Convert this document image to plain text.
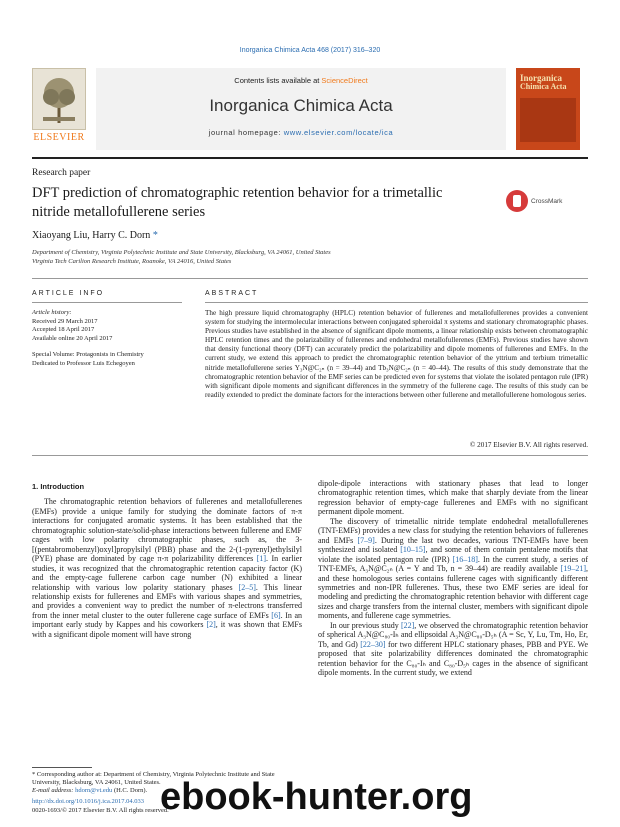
Inorganica Chimica Acta 468 (2017) 316–320
ELSEVIER
Contents lists available at ScienceDirect
Inorganica Chimica Acta
journal homepage: www.elsevier.com/locate/ica
Inorganica
Chimica Acta
Research paper
DFT prediction of chromatographic retention behavior for a trimetallic nitride metallofullerene series
CrossMark
Xiaoyang Liu, Harry C. Dorn *
Department of Chemistry, Virginia Polytechnic Institute and State University, Blacksburg, VA 24061, United States
Virginia Tech Carilion Research Institute, Roanoke, VA 24016, United States
ARTICLE INFO	ABSTRACT
Article history:
Received 29 March 2017
Accepted 18 April 2017
Available online 20 April 2017
Special Volume: Protagonists in Chemistry
Dedicated to Professor Luis Echegoyen
The high pressure liquid chromatography (HPLC) retention behavior of fullerenes and metallofullerenes provides a convenient system for studying the intermolecular interactions between conjugated spheroidal π systems and stationary chromatographic phases. Previous studies have established in the absence of significant dipole moments, a linear relationship exists between chromatographic HPLC retention times and the polarizability of fullerenes and endohedral metallofullerenes (EMFs). Previous studies have shown that density functional theory (DFT) can accurately predict the polarizability and dipole moments of fullerenes and EMFs. In the current study, we extend this approach to predict the chromatographic retention behavior of the yttrium and terbium trimetallic nitride metallofullerene series Y₃N@C₂ₙ (n = 39–44) and Tb₃N@C₂ₙ (n = 40–44). The results of this study demonstrate that the chromatographic retention behavior of the EMF series can be predicted even for systems that violate the isolated pentagon rule (IPR) with significant dipole moments and significant differences in the symmetry of the fullerene cage. The results of this study can be readily extended to predict the dominate factors for the interactions between other fullerene and metallofullerene homologous series.
© 2017 Elsevier B.V. All rights reserved.
1. Introduction

The chromatographic retention behaviors of fullerenes and metallofullerenes (EMFs) provide a unique family for studying the dominate factors of π-π interactions for conjugated aromatic systems. It has been established that the chromatographic solution-state/solid-phase interactions between fullerene and EMF cages with low polarity chromatographic phases, such as, the 3-[(pentabromobenzyl)oxyl]propylsilyl (PBB) phase and the 2-(1-pyrenyl)ethylsilyl (PYE) phase are dominated by cage π-π polarizability differences [1]. In earlier studies, it was recognized that the chromatographic retention capacity factor (K) and the empty-cage fullerene carbon cage number (N) exhibited a linear relationship with various low polarity stationary phases [2–5]. This linear relationship exists for fullerenes and EMFs with various shapes and symmetries, and provides a convenient way to predict the number of π-electrons transferred from the inner metal cluster to the outer fullerene cage surface of EMFs [6]. In an important early study by Kappes and his coworkers [2], it was shown that EMFs with a significant dipole moment will have strong

dipole-dipole interactions with stationary phases that lead to longer chromatographic retention times, which make that sharply deviate from the linear regression behavior of empty-cage fullerenes and EMFs with no significant permanent dipole moment.

The discovery of trimetallic nitride template endohedral metallofullerenes (TNT-EMFs) provides a new class for studying the retention behaviors of fullerenes and EMFs [7–9]. During the last two decades, various TNT-EMFs have been synthesized and isolated [10–15], and some of them contain pentalene motifs that violate the isolated pentagon rule (IPR) [16–18]. In the current study, a series of TNT-EMFs, A₃N@C₂ₙ (A = Y and Tb, n = 39–44) are readily available [19–21], and these homologous series contains fullerene cages with significantly different symmetries and non-IPR fullerenes. Thus, these two EMF series are ideal for modeling and predicting the chromatographic retention behavior with different cage sizes and charge transfers from the internal cluster, members with significant dipole moments, and fullerene cage symmetries.

In our previous study [22], we observed the chromatographic retention behavior of spherical A₃N@C₈₀-Iₕ and ellipsoidal A₃N@C₈₀-D₅ₕ (A = Sc, Y, Lu, Tm, Ho, Er, Tb, and Gd) [22–30] for two different HPLC stationary phases, PBB and PYE. We proposed that site polarizability differences dominated the chromatographic retention behavior for the C₈₀-Iₕ and C₈₀-D₅ₕ cages in the absence of significant dipole moments. In the current study, we extend

* Corresponding author at: Department of Chemistry, Virginia Polytechnic Institute and State University, Blacksburg, VA 24061, United States.
E-mail address: hdorn@vt.edu (H.C. Dorn).
http://dx.doi.org/10.1016/j.ica.2017.04.033
0020-1693/© 2017 Elsevier B.V. All rights reserved.
ebook-hunter.org
